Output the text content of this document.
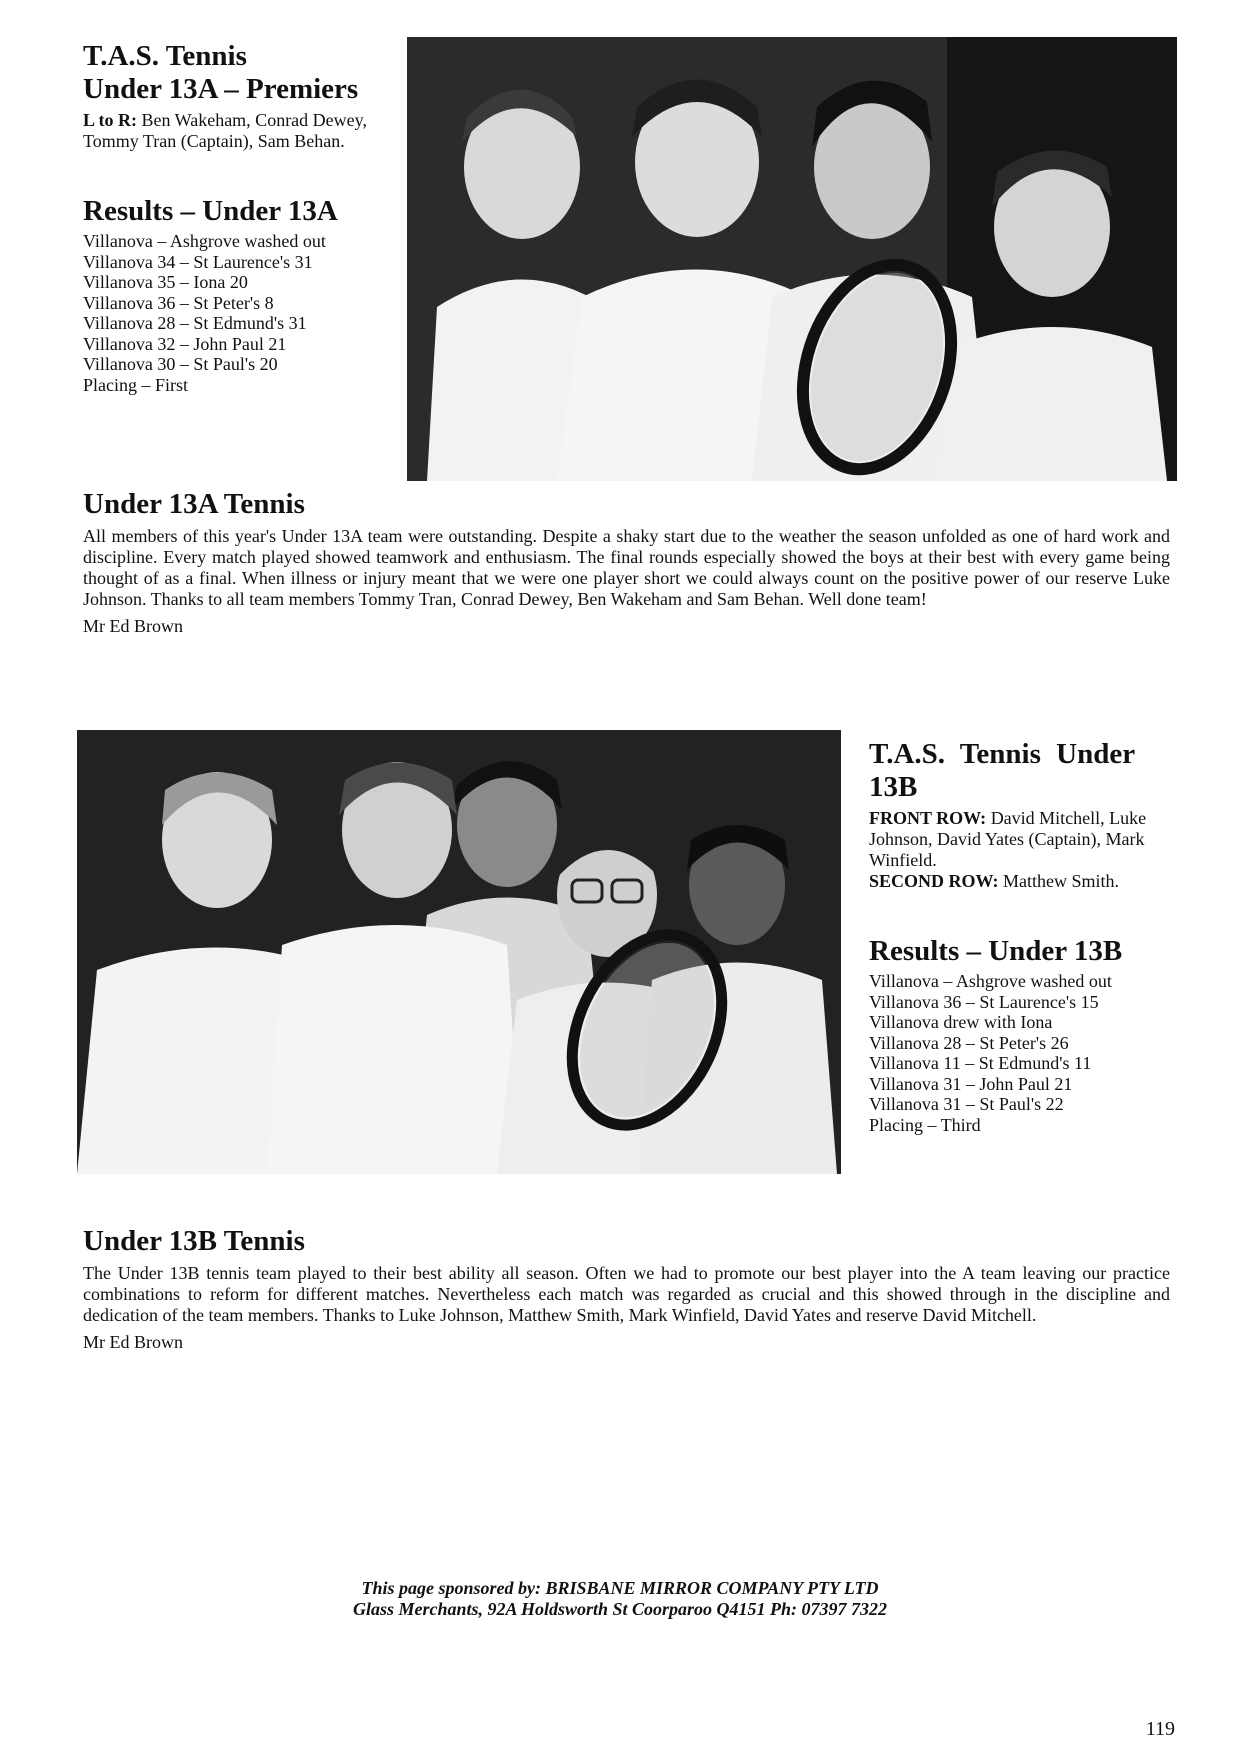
T.A.S. Tennis
Under 13A – Premiers
L to R: Ben Wakeham, Conrad Dewey,
Tommy Tran (Captain), Sam Behan.
Results – Under 13A
Villanova – Ashgrove washed out
Villanova 34 – St Laurence's 31
Villanova 35 – Iona 20
Villanova 36 – St Peter's 8
Villanova 28 – St Edmund's 31
Villanova 32 – John Paul 21
Villanova 30 – St Paul's 20
Placing – First
Under 13A Tennis

All members of this year's Under 13A team were outstanding. Despite a shaky start due to the weather the season unfolded as one of hard work and discipline. Every match played showed teamwork and enthusiasm. The final rounds especially showed the boys at their best with every game being thought of as a final. When illness or injury meant that we were one player short we could always count on the positive power of our reserve Luke Johnson. Thanks to all team members Tommy Tran, Conrad Dewey, Ben Wakeham and Sam Behan. Well done team!

Mr Ed Brown
T.A.S. Tennis Under 13B
FRONT ROW: David Mitchell, Luke Johnson, David Yates (Captain), Mark Winfield.
SECOND ROW: Matthew Smith.
Results – Under 13B
Villanova – Ashgrove washed out
Villanova 36 – St Laurence's 15
Villanova drew with Iona
Villanova 28 – St Peter's 26
Villanova 11 – St Edmund's 11
Villanova 31 – John Paul 21
Villanova 31 – St Paul's 22
Placing – Third
Under 13B Tennis

The Under 13B tennis team played to their best ability all season. Often we had to promote our best player into the A team leaving our practice combinations to reform for different matches. Nevertheless each match was regarded as crucial and this showed through in the discipline and dedication of the team members. Thanks to Luke Johnson, Matthew Smith, Mark Winfield, David Yates and reserve David Mitchell.

Mr Ed Brown
This page sponsored by: BRISBANE MIRROR COMPANY PTY LTD
Glass Merchants, 92A Holdsworth St Coorparoo Q4151 Ph: 07397 7322
119
